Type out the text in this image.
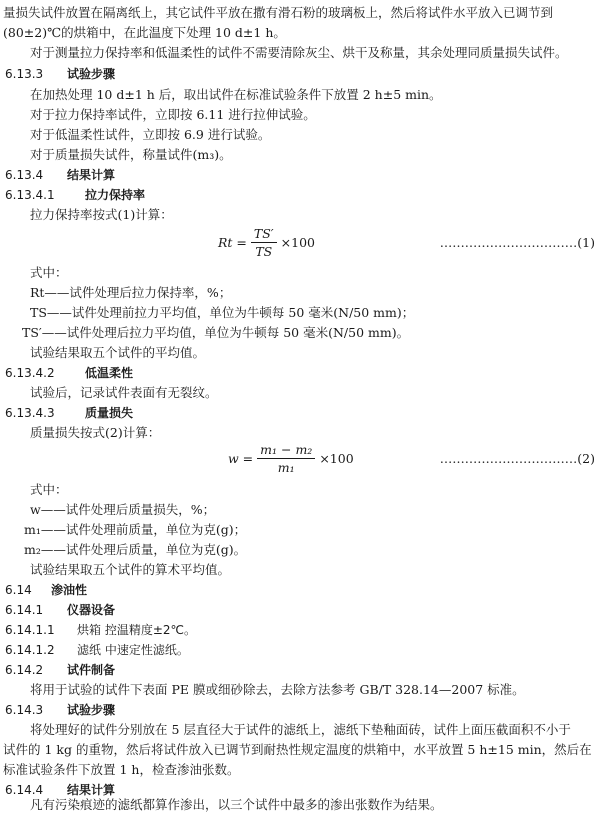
量损失试件放置在隔离纸上，其它试件平放在撒有滑石粉的玻璃板上，然后将试件水平放入已调节到
(80±2)℃的烘箱中，在此温度下处理 10 d±1 h。
对于测量拉力保持率和低温柔性的试件不需要清除灰尘、烘干及称量，其余处理同质量损失试件。
6.13.3 试验步骤
在加热处理 10 d±1 h 后，取出试件在标准试验条件下放置 2 h±5 min。
对于拉力保持率试件，立即按 6.11 进行拉伸试验。
对于低温柔性试件，立即按 6.9 进行试验。
对于质量损失试件，称量试件(m₃)。
6.13.4 结果计算
6.13.4.1	拉力保持率
拉力保持率按式(1)计算：
$Rt = \frac{TS'}{TS} \times 100$	……………………………(1)
式中：
Rt——试件处理后拉力保持率，%；
TS——试件处理前拉力平均值，单位为牛顿每 50 毫米(N/50 mm)；
TS′——试件处理后拉力平均值，单位为牛顿每 50 毫米(N/50 mm)。
试验结果取五个试件的平均值。
6.13.4.2	低温柔性
试验后，记录试件表面有无裂纹。
6.13.4.3	质量损失
质量损失按式(2)计算：
$w = \frac{\text{m₁ − m₂}}{\text{m₁}} \times 100$	……………………………(2)
式中：
w——试件处理后质量损失，%；
m₁——试件处理前质量，单位为克(g)；
m₂——试件处理后质量，单位为克(g)。
试验结果取五个试件的算术平均值。
6.14 渗油性
6.14.1 仪器设备
6.14.1.1 烘箱 控温精度±2℃。
6.14.1.2 滤纸 中速定性滤纸。
6.14.2 试件制备
将用于试验的试件下表面 PE 膜或细砂除去，去除方法参考 GB/T 328.14—2007 标准。
6.14.3 试验步骤
将处理好的试件分别放在 5 层直径大于试件的滤纸上，滤纸下垫釉面砖，试件上面压截面积不小于
试件的 1 kg 的重物，然后将试件放入已调节到耐热性规定温度的烘箱中，水平放置 5 h±15 min，然后在
标准试验条件下放置 1 h，检查渗油张数。
6.14.4 结果计算
凡有污染痕迹的滤纸都算作渗出，以三个试件中最多的渗出张数作为结果。
